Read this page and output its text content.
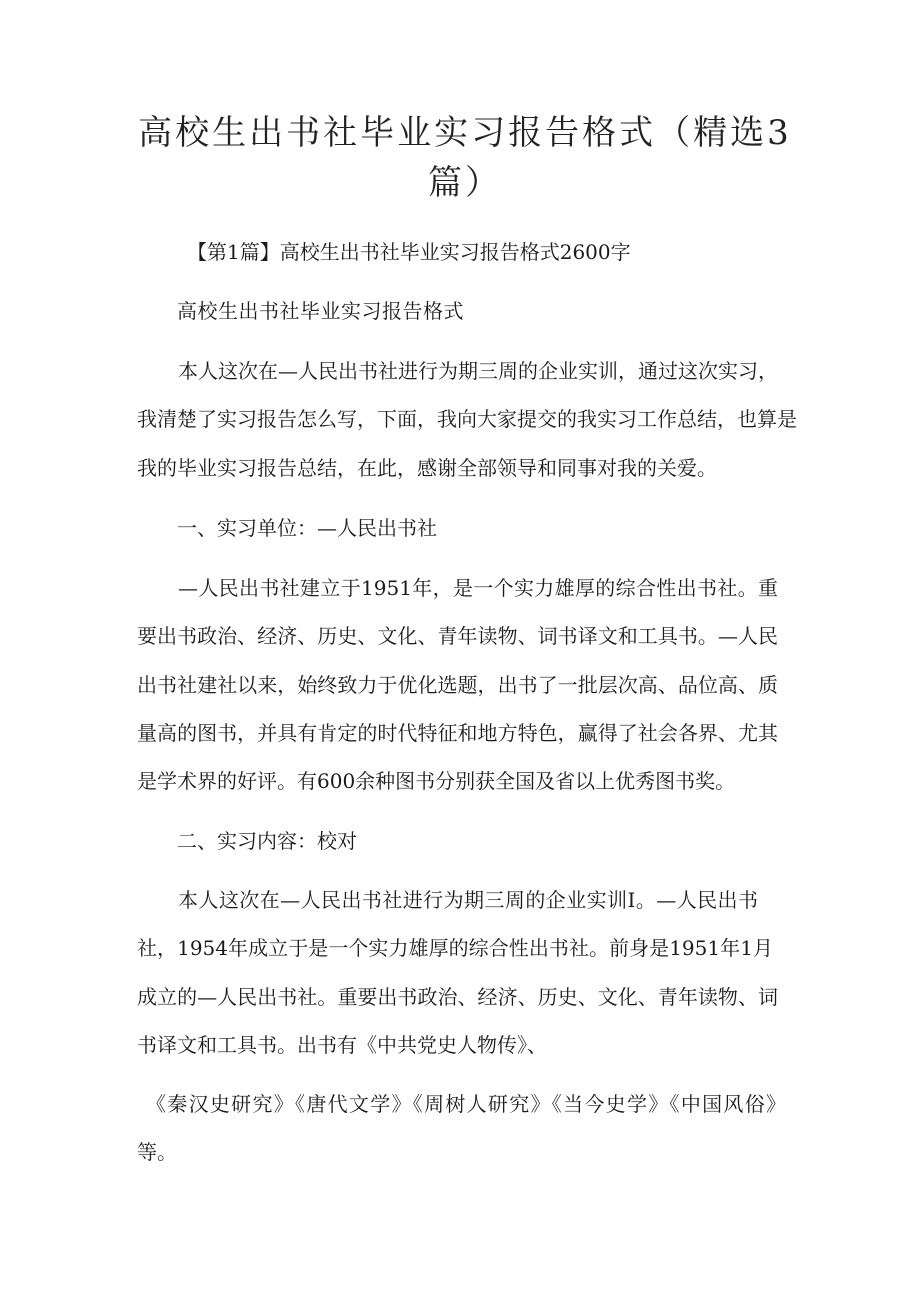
高校生出书社毕业实习报告格式（精选3
篇）

【第1篇】高校生出书社毕业实习报告格式2600字

高校生出书社毕业实习报告格式

本人这次在—人民出书社进行为期三周的企业实训，通过这次实习，

我清楚了实习报告怎么写，下面，我向大家提交的我实习工作总结，也算是

我的毕业实习报告总结，在此，感谢全部领导和同事对我的关爱。

一、实习单位：—人民出书社

—人民出书社建立于1951年，是一个实力雄厚的综合性出书社。重

要出书政治、经济、历史、文化、青年读物、词书译文和工具书。—人民

出书社建社以来，始终致力于优化选题，出书了一批层次高、品位高、质

量高的图书，并具有肯定的时代特征和地方特色，赢得了社会各界、尤其

是学术界的好评。有600余种图书分别获全国及省以上优秀图书奖。

二、实习内容：校对

本人这次在—人民出书社进行为期三周的企业实训I。—人民出书

社，1954年成立于是一个实力雄厚的综合性出书社。前身是1951年1月

成立的—人民出书社。重要出书政治、经济、历史、文化、青年读物、词

书译文和工具书。出书有《中共党史人物传》、

《秦汉史研究》《唐代文学》《周树人研究》《当今史学》《中国风俗》

等。
